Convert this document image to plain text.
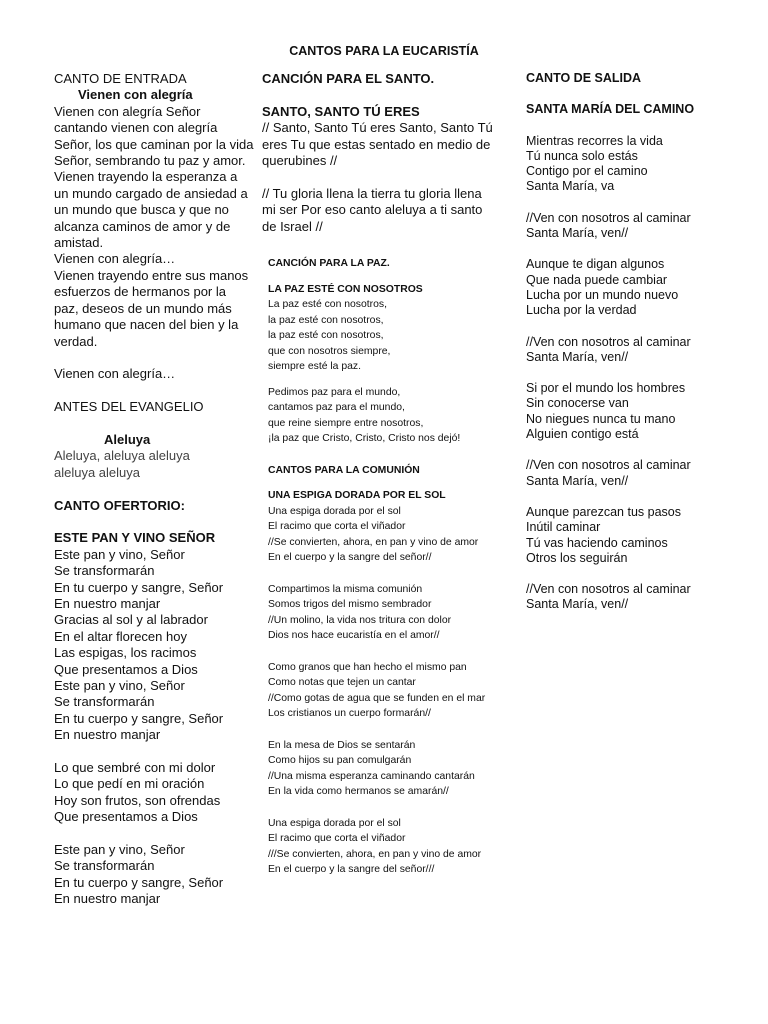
CANTOS PARA LA EUCARISTÍA
CANTO DE ENTRADA
Vienen con alegría
Vienen con alegría Señor cantando vienen con alegría Señor, los que caminan por la vida Señor, sembrando tu paz y amor.
Vienen trayendo la esperanza a un mundo cargado de ansiedad a un mundo que busca y que no alcanza caminos de amor y de amistad.
Vienen con alegría…
Vienen trayendo entre sus manos esfuerzos de hermanos por la paz, deseos de un mundo más humano que nacen del bien y la verdad.
Vienen con alegría…
ANTES DEL EVANGELIO
Aleluya
Aleluya, aleluya aleluya
aleluya aleluya
CANTO OFERTORIO:
ESTE PAN Y VINO SEÑOR
Este pan y vino, Señor
Se transformarán
En tu cuerpo y sangre, Señor
En nuestro manjar
Gracias al sol y al labrador
En el altar florecen hoy
Las espigas, los racimos
Que presentamos a Dios
Este pan y vino, Señor
Se transformarán
En tu cuerpo y sangre, Señor
En nuestro manjar
Lo que sembré con mi dolor
Lo que pedí en mi oración
Hoy son frutos, son ofrendas
Que presentamos a Dios
Este pan y vino, Señor
Se transformarán
En tu cuerpo y sangre, Señor
En nuestro manjar
CANCIÓN PARA EL SANTO.
SANTO, SANTO TÚ ERES
// Santo, Santo Tú eres Santo, Santo Tú eres Tu que estas sentado en medio de querubines //
// Tu gloria llena la tierra tu gloria llena mi ser Por eso canto aleluya a ti santo de Israel //
CANCIÓN PARA LA PAZ.
LA PAZ ESTÉ CON NOSOTROS
La paz esté con nosotros,
la paz esté con nosotros,
la paz esté con nosotros,
que con nosotros siempre,
siempre esté la paz.
Pedimos paz para el mundo,
cantamos paz para el mundo,
que reine siempre entre nosotros,
¡la paz que Cristo, Cristo, Cristo nos dejó!
CANTOS PARA LA COMUNIÓN
UNA ESPIGA DORADA POR EL SOL
Una espiga dorada por el sol
El racimo que corta el viñador
//Se convierten, ahora, en pan y vino de amor
En el cuerpo y la sangre del señor//
Compartimos la misma comunión
Somos trigos del mismo sembrador
//Un molino, la vida nos tritura con dolor
Dios nos hace eucaristía en el amor//
Como granos que han hecho el mismo pan
Como notas que tejen un cantar
//Como gotas de agua que se funden en el mar
Los cristianos un cuerpo formarán//
En la mesa de Dios se sentarán
Como hijos su pan comulgarán
//Una misma esperanza caminando cantarán
En la vida como hermanos se amarán//
Una espiga dorada por el sol
El racimo que corta el viñador
///Se convierten, ahora, en pan y vino de amor
En el cuerpo y la sangre del señor///
CANTO DE SALIDA
SANTA MARÍA DEL CAMINO
Mientras recorres la vida
Tú nunca solo estás
Contigo por el camino
Santa María, va
//Ven con nosotros al caminar
Santa María, ven//
Aunque te digan algunos
Que nada puede cambiar
Lucha por un mundo nuevo
Lucha por la verdad
//Ven con nosotros al caminar
Santa María, ven//
Si por el mundo los hombres
Sin conocerse van
No niegues nunca tu mano
Alguien contigo está
//Ven con nosotros al caminar
Santa María, ven//
Aunque parezcan tus pasos
Inútil caminar
Tú vas haciendo caminos
Otros los seguirán
//Ven con nosotros al caminar
Santa María, ven//
